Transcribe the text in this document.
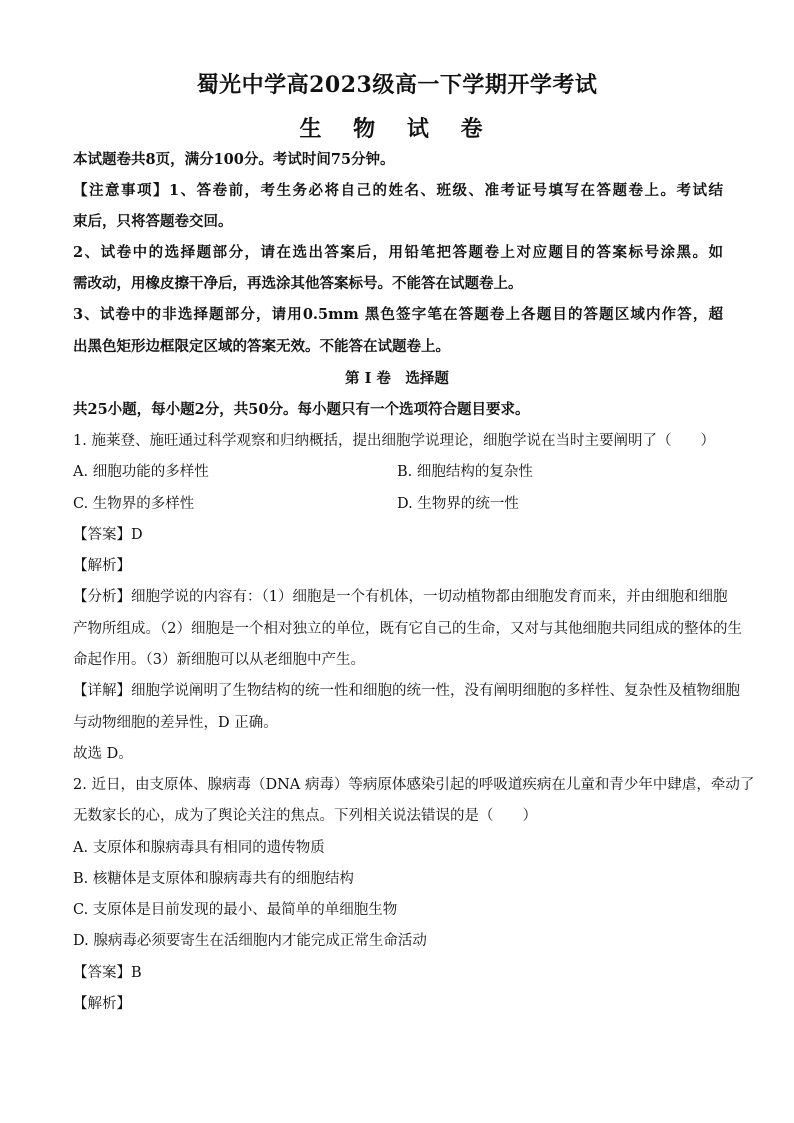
蜀光中学高2023级高一下学期开学考试
生 物 试 卷
本试题卷共8页，满分100分。考试时间75分钟。
【注意事项】1、答卷前，考生务必将自己的姓名、班级、准考证号填写在答题卷上。考试结
束后，只将答题卷交回。
2、试卷中的选择题部分，请在选出答案后，用铅笔把答题卷上对应题目的答案标号涂黑。如
需改动，用橡皮擦干净后，再选涂其他答案标号。不能答在试题卷上。
3、试卷中的非选择题部分，请用0.5mm 黑色签字笔在答题卷上各题目的答题区域内作答，超
出黑色矩形边框限定区域的答案无效。不能答在试题卷上。
第 I 卷　选择题
共25小题，每小题2分，共50分。每小题只有一个选项符合题目要求。
1. 施莱登、施旺通过科学观察和归纳概括，提出细胞学说理论，细胞学说在当时主要阐明了（　　）
A. 细胞功能的多样性	B. 细胞结构的复杂性
C. 生物界的多样性	D. 生物界的统一性
【答案】D
【解析】
【分析】细胞学说的内容有：（1）细胞是一个有机体，一切动植物都由细胞发育而来，并由细胞和细胞
产物所组成。（2）细胞是一个相对独立的单位，既有它自己的生命，又对与其他细胞共同组成的整体的生
命起作用。（3）新细胞可以从老细胞中产生。
【详解】细胞学说阐明了生物结构的统一性和细胞的统一性，没有阐明细胞的多样性、复杂性及植物细胞
与动物细胞的差异性，D 正确。
故选 D。
2. 近日，由支原体、腺病毒（DNA 病毒）等病原体感染引起的呼吸道疾病在儿童和青少年中肆虐，牵动了
无数家长的心，成为了舆论关注的焦点。下列相关说法错误的是（　　）
A. 支原体和腺病毒具有相同的遗传物质
B. 核糖体是支原体和腺病毒共有的细胞结构
C. 支原体是目前发现的最小、最简单的单细胞生物
D. 腺病毒必须要寄生在活细胞内才能完成正常生命活动
【答案】B
【解析】
